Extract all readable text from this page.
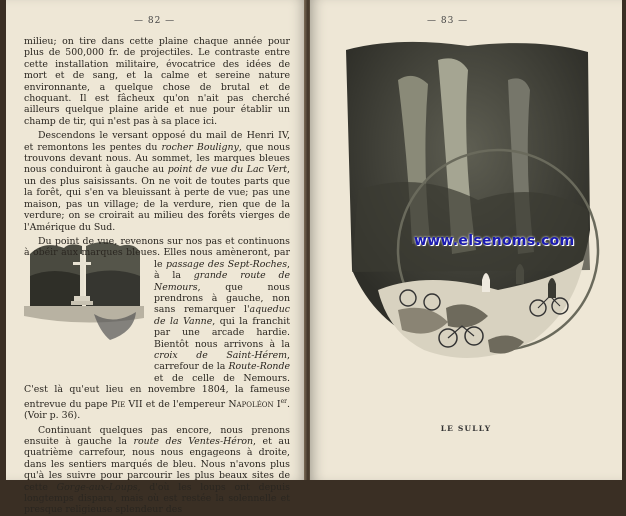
— 82 —

milieu; on tire dans cette plaine chaque année pour plus de 500,000 fr. de projectiles. Le contraste entre cette installation militaire, évocatrice des idées de mort et de sang, et la calme et sereine nature environnante, a quelque chose de brutal et de choquant. Il est fâcheux qu'on n'ait pas cherché ailleurs quelque plaine aride et nue pour établir un champ de tir, qui n'est pas à sa place ici.

Descendons le versant opposé du mail de Henri IV, et remontons les pentes du rocher Bouligny, que nous trouvons devant nous. Au sommet, les marques bleues nous conduiront à gauche au point de vue du Lac Vert, un des plus saisissants. On ne voit de toutes parts que la forêt, qui s'en va bleuissant à perte de vue; pas une maison, pas un village; de la verdure, rien que de la verdure; on se croirait au milieu des forêts vierges de l'Amérique du Sud.

Du point de vue, revenons sur nos pas et continuons à obéir aux marques bleues. Elles nous amèneront, par le passage des Sept-Roches
, à la grande route de Nemours, que nous prendrons à gauche, non sans remarquer l'aqueduc de la Vanne, qui la franchit par une arcade hardie. Bientôt nous arrivons à la croix de Saint-Hérem, carrefour de la Route-Ronde et de celle de Nemours. C'est là qu'eut lieu en novembre 1804, la fameuse entrevue du pape Pie VII et de l'empereur Napoléon Ier. (Voir p. 36).

Continuant quelques pas encore, nous prenons ensuite à gauche la route des Ventes-Héron, et au quatrième carrefour, nous nous engageons à droite, dans les sentiers marqués de bleu. Nous n'avons plus qu'à les suivre pour parcourir les plus beaux sites de cette Gorge-aux-Loups, d'où les loups ont depuis longtemps disparu, mais où est restée la solennelle et presque religieuse splendeur des

— 83 —
www.elsenoms.com
LE SULLY
